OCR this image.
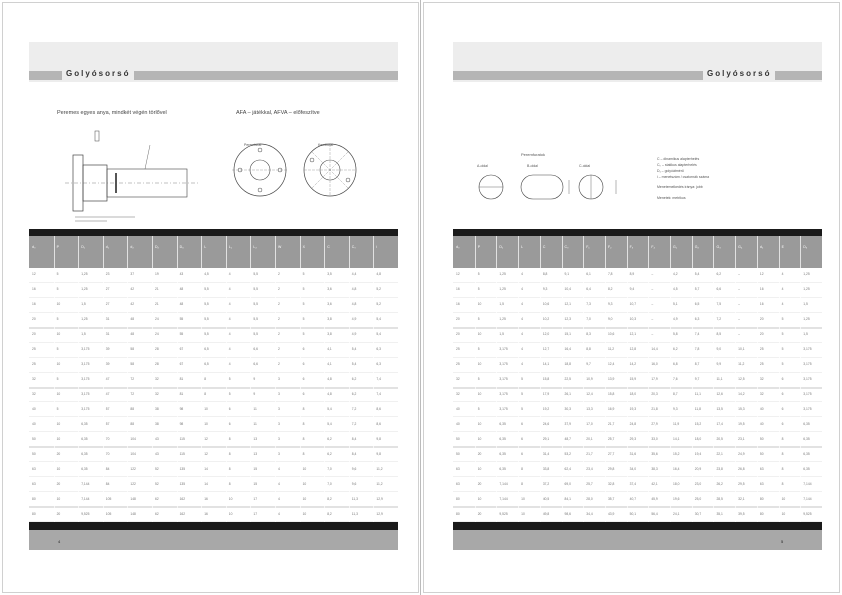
Golyósorsó
Peremes egyes anya, mindkét végén törlővel	AFA – játékkal, AFVA – előfeszítve
Peremfurat	Kenőfurat
12	5	1,25	23	37	19	43	4,5	4	5,5	2	5	3,5	4,4	4,8
16	5	1,25	27	42	21	48	5,5	4	5,5	2	5	3,6	4,8	5,2
16	10	1,5	27	42	21	48	5,5	4	5,5	2	5	3,6	4,8	5,2
20	5	1,25	31	48	24	55	5,5	4	5,5	2	5	3,8	4,9	5,4
20	10	1,5	31	48	24	55	5,5	4	5,5	2	5	3,8	4,9	5,4
25	5	3,175	39	58	28	67	6,5	4	6,6	2	6	4,1	5,4	6,3
25	10	3,175	39	58	28	67	6,5	4	6,6	2	6	4,1	5,4	6,3
32	5	3,175	47	72	32	81	8	5	9	3	6	4,8	6,2	7,4
32	10	3,175	47	72	32	81	8	5	9	3	6	4,8	6,2	7,4
40	5	3,175	57	88	38	98	10	6	11	3	8	5,4	7,2	8,6
40	10	6,35	57	88	38	98	10	6	11	3	8	5,4	7,2	8,6
50	10	6,35	70	104	43	115	12	8	13	3	8	6,2	8,4	9,8
50	20	6,35	70	104	43	115	12	8	13	3	8	6,2	8,4	9,8
63	10	6,35	84	122	52	135	14	8	15	4	10	7,0	9,6	11,2
63	20	7,144	84	122	52	135	14	8	15	4	10	7,0	9,6	11,2
80	10	7,144	105	148	62	162	16	10	17	4	10	8,2	11,3	12,9
80	20	9,525	105	148	62	162	16	10	17	4	10	8,2	11,3	12,9
4
d₀	P	D₁	d₁	d₂	D₂	D₃	L	L₁	L₂	W	X	C	C₀	i
Golyósorsó
Peremfuratok
A-oldal	B-oldal	C-oldal
C – dinamikus alapterhelés
C₀ – statikus alapterhelés
D₁ – golyóátmérő
i – menetszám / csatornák száma
Menetemelkedés iránya: jobb
Menetek: metrikus
12	5	1,25	4	8,8	9,1	6,1	7,8	8,9	–	4,2	5,4	6,2	–	12	4	1,25
16	5	1,25	4	9,3	10,4	6,4	8,2	9,4	–	4,5	5,7	6,6	–	16	4	1,25
16	10	1,5	4	10,6	12,1	7,3	9,3	10,7	–	5,1	6,5	7,5	–	16	4	1,5
20	5	1,25	4	10,2	12,3	7,0	9,0	10,3	–	4,9	6,3	7,2	–	20	5	1,25
20	10	1,5	4	12,0	15,1	8,3	10,6	12,1	–	5,8	7,4	8,5	–	20	5	1,5
25	5	3,175	4	12,7	16,4	8,8	11,2	12,8	14,4	6,2	7,8	9,0	10,1	25	5	3,175
25	10	3,175	4	14,1	18,8	9,7	12,4	14,2	16,0	6,8	8,7	9,9	11,2	25	5	3,175
32	5	3,175	5	15,8	22,5	10,9	13,9	15,9	17,9	7,6	9,7	11,1	12,5	32	6	3,175
32	10	3,175	5	17,9	26,1	12,4	15,8	18,0	20,3	8,7	11,1	12,6	14,2	32	6	3,175
40	5	3,175	5	19,2	30,3	13,3	16,9	19,3	21,8	9,3	11,8	13,5	15,3	40	6	3,175
40	10	6,35	6	24,6	37,9	17,0	21,7	24,8	27,9	11,9	15,2	17,4	19,5	40	6	6,35
50	10	6,35	6	29,1	48,7	20,1	25,7	29,3	33,0	14,1	18,0	20,5	23,1	50	8	6,35
50	20	6,35	6	31,4	53,2	21,7	27,7	31,6	35,6	15,2	19,4	22,1	24,9	50	8	6,35
63	10	6,35	8	33,8	62,4	23,4	29,8	34,0	38,3	16,4	20,9	23,8	26,8	63	8	6,35
63	20	7,144	8	37,2	69,0	25,7	32,8	37,4	42,1	18,0	23,0	26,2	29,5	63	8	7,144
80	10	7,144	10	40,5	84,1	28,0	35,7	40,7	45,9	19,6	25,0	28,5	32,1	80	10	7,144
80	20	9,525	10	49,8	98,6	34,4	43,9	50,1	56,4	24,1	30,7	35,1	39,5	80	10	9,525
5
d₀	P	D₁	L	C	C₀	F₁	F₂	F₃	F₄	G₁	G₂	G₃	G₄	d₂	E	D₃
